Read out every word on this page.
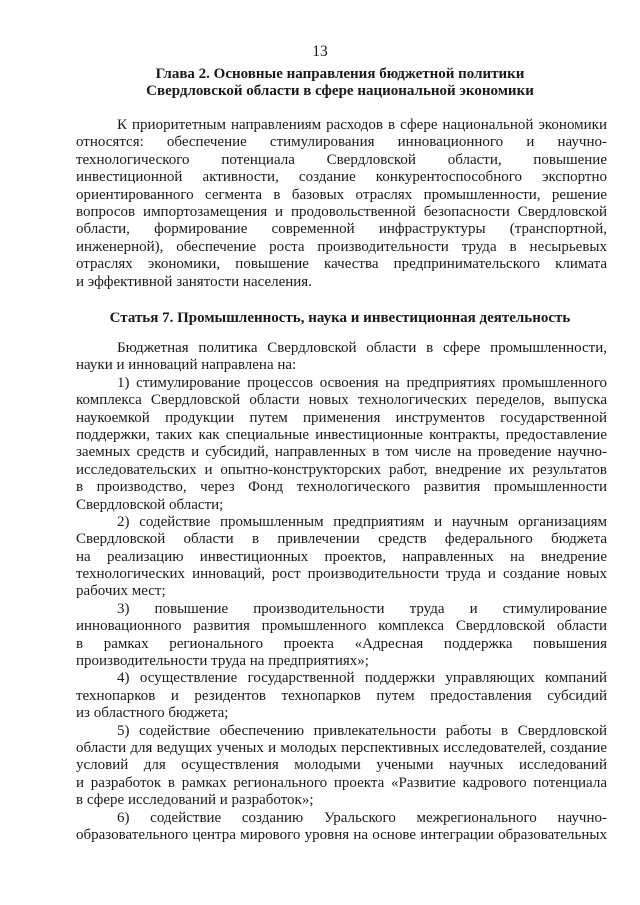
13
Глава 2. Основные направления бюджетной политики
Свердловской области в сфере национальной экономики
К приоритетным направлениям расходов в сфере национальной экономики
относятся: обеспечение стимулирования инновационного и научно-
технологического потенциала Свердловской области, повышение
инвестиционной активности, создание конкурентоспособного экспортно
ориентированного сегмента в базовых отраслях промышленности, решение
вопросов импортозамещения и продовольственной безопасности Свердловской
области, формирование современной инфраструктуры (транспортной,
инженерной), обеспечение роста производительности труда в несырьевых
отраслях экономики, повышение качества предпринимательского климата
и эффективной занятости населения.
Статья 7. Промышленность, наука и инвестиционная деятельность
Бюджетная политика Свердловской области в сфере промышленности,
науки и инноваций направлена на:
1) стимулирование процессов освоения на предприятиях промышленного
комплекса Свердловской области новых технологических переделов, выпуска
наукоемкой продукции путем применения инструментов государственной
поддержки, таких как специальные инвестиционные контракты, предоставление
заемных средств и субсидий, направленных в том числе на проведение научно-
исследовательских и опытно-конструкторских работ, внедрение их результатов
в производство, через Фонд технологического развития промышленности
Свердловской области;
2) содействие промышленным предприятиям и научным организациям
Свердловской области в привлечении средств федерального бюджета
на реализацию инвестиционных проектов, направленных на внедрение
технологических инноваций, рост производительности труда и создание новых
рабочих мест;
3) повышение производительности труда и стимулирование
инновационного развития промышленного комплекса Свердловской области
в рамках регионального проекта «Адресная поддержка повышения
производительности труда на предприятиях»;
4) осуществление государственной поддержки управляющих компаний
технопарков и резидентов технопарков путем предоставления субсидий
из областного бюджета;
5) содействие обеспечению привлекательности работы в Свердловской
области для ведущих ученых и молодых перспективных исследователей, создание
условий для осуществления молодыми учеными научных исследований
и разработок в рамках регионального проекта «Развитие кадрового потенциала
в сфере исследований и разработок»;
6) содействие созданию Уральского межрегионального научно-
образовательного центра мирового уровня на основе интеграции образовательных
